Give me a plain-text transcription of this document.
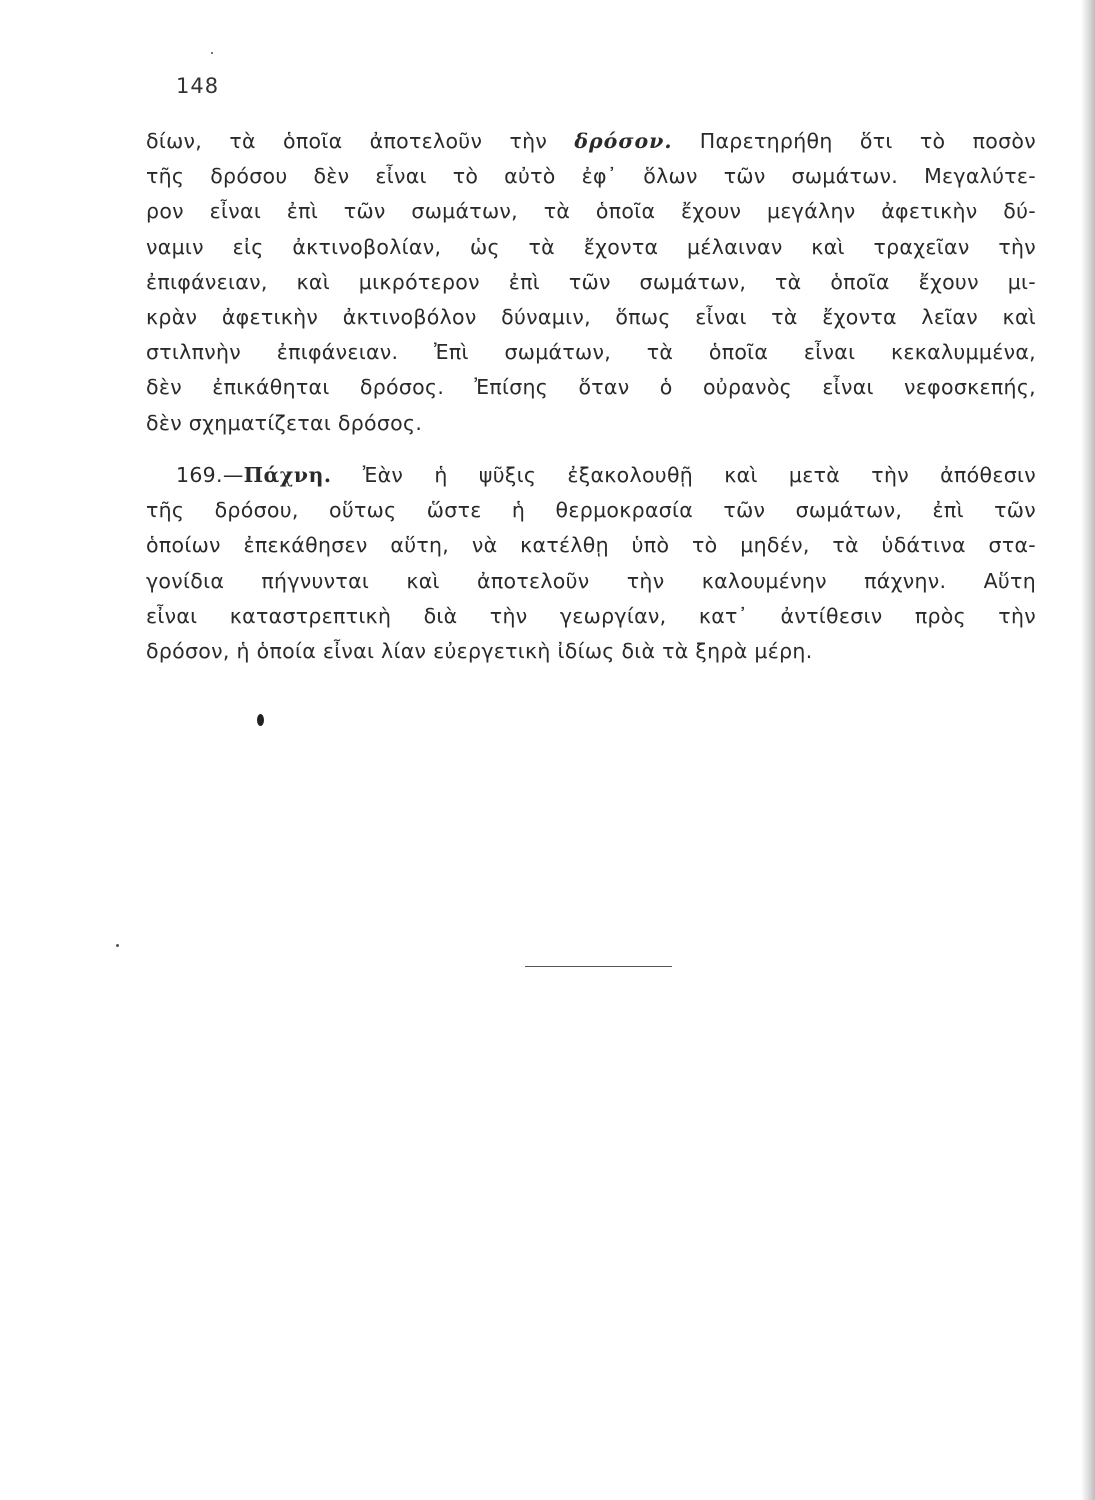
148

δίων, τὰ ὁποῖα ἀποτελοῦν τὴν δρόσον. Παρετηρήθη ὅτι τὸ ποσὸν
τῆς δρόσου δὲν εἶναι τὸ αὐτὸ ἐφ᾽ ὅλων τῶν σωμάτων. Μεγαλύτε-
ρον εἶναι ἐπὶ τῶν σωμάτων, τὰ ὁποῖα ἔχουν μεγάλην ἀφετικὴν δύ-
ναμιν εἰς ἀκτινοβολίαν, ὡς τὰ ἔχοντα μέλαιναν καὶ τραχεῖαν τὴν
ἐπιφάνειαν, καὶ μικρότερον ἐπὶ τῶν σωμάτων, τὰ ὁποῖα ἔχουν μι-
κρὰν ἀφετικὴν ἀκτινοβόλον δύναμιν, ὅπως εἶναι τὰ ἔχοντα λεῖαν καὶ
στιλπνὴν ἐπιφάνειαν. Ἐπὶ σωμάτων, τὰ ὁποῖα εἶναι κεκαλυμμένα,
δὲν ἐπικάθηται δρόσος. Ἐπίσης ὅταν ὁ οὐρανὸς εἶναι νεφοσκεπής,
δὲν σχηματίζεται δρόσος.

169.—Πάχνη. Ἐὰν ἡ ψῦξις ἐξακολουθῇ καὶ μετὰ τὴν ἀπόθεσιν
τῆς δρόσου, οὕτως ὥστε ἡ θερμοκρασία τῶν σωμάτων, ἐπὶ τῶν
ὁποίων ἐπεκάθησεν αὕτη, νὰ κατέλθῃ ὑπὸ τὸ μηδέν, τὰ ὑδάτινα στα-
γονίδια πήγνυνται καὶ ἀποτελοῦν τὴν καλουμένην πάχνην. Αὕτη
εἶναι καταστρεπτικὴ διὰ τὴν γεωργίαν, κατ᾽ ἀντίθεσιν πρὸς τὴν
δρόσον, ἡ ὁποία εἶναι λίαν εὐεργετικὴ ἰδίως διὰ τὰ ξηρὰ μέρη.
